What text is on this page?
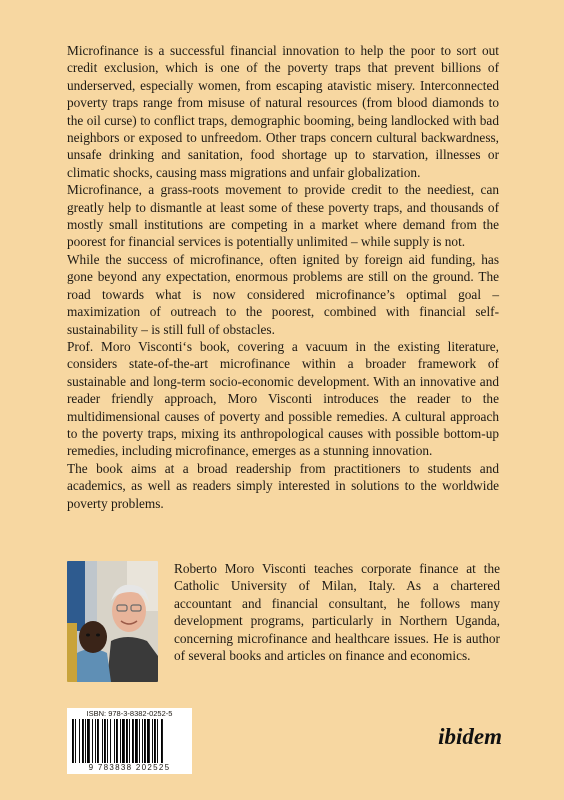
Microfinance is a successful financial innovation to help the poor to sort out credit exclusion, which is one of the poverty traps that prevent billions of underserved, especially women, from escaping atavistic misery. Interconnected poverty traps range from misuse of natural resources (from blood diamonds to the oil curse) to conflict traps, demographic booming, being landlocked with bad neighbors or exposed to unfreedom. Other traps concern cultural backwardness, unsafe drinking and sanitation, food shortage up to starvation, illnesses or climatic shocks, causing mass migrations and unfair globalization.

Microfinance, a grass-roots movement to provide credit to the neediest, can greatly help to dismantle at least some of these poverty traps, and thousands of mostly small institutions are competing in a market where demand from the poorest for financial services is potentially unlimited – while supply is not.

While the success of microfinance, often ignited by foreign aid funding, has gone beyond any expectation, enormous problems are still on the ground. The road towards what is now considered microfinance’s optimal goal – maximization of outreach to the poorest, combined with financial self-sustainability – is still full of obstacles.

Prof. Moro Visconti‘s book, covering a vacuum in the existing literature, considers state-of-the-art microfinance within a broader framework of sustainable and long-term socio-economic development. With an innovative and reader friendly approach, Moro Visconti introduces the reader to the multidimensional causes of poverty and possible remedies. A cultural approach to the poverty traps, mixing its anthropological causes with possible bottom-up remedies, including microfinance, emerges as a stunning innovation.

The book aims at a broad readership from practitioners to students and academics, as well as readers simply interested in solutions to the worldwide poverty problems.

Roberto Moro Visconti teaches corporate finance at the Catholic University of Milan, Italy. As a chartered accountant and financial consultant, he follows many development programs, particularly in Northern Uganda, concerning microfinance and healthcare issues. He is author of several books and articles on finance and economics.
ISBN: 978-3-8382-0252-5
9 783838 202525
ibidem
